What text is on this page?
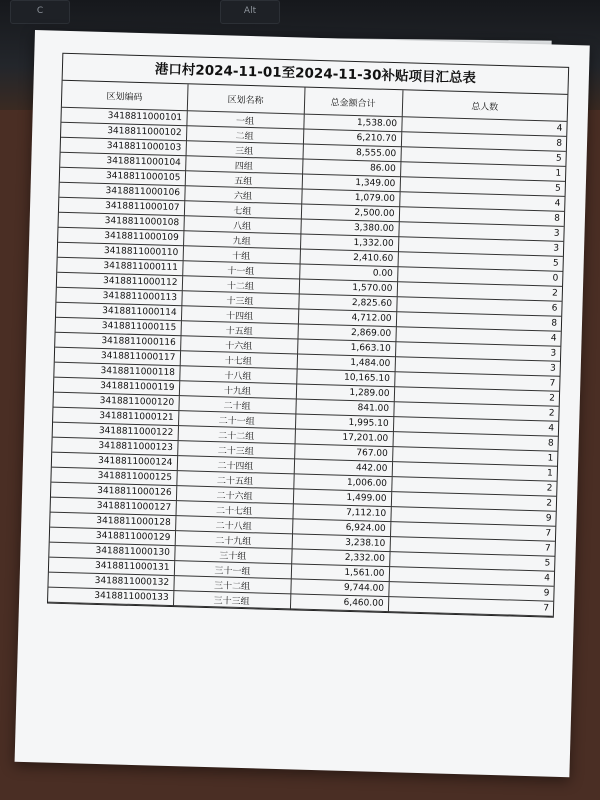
C	Alt
港口村2024-11-01至2024-11-30补贴项目汇总表
区划编码	区划名称	总金额合计	总人数
3418811000101	一组	1,538.00	4
3418811000102	二组	6,210.70	8
3418811000103	三组	8,555.00	5
3418811000104	四组	86.00	1
3418811000105	五组	1,349.00	5
3418811000106	六组	1,079.00	4
3418811000107	七组	2,500.00	8
3418811000108	八组	3,380.00	3
3418811000109	九组	1,332.00	3
3418811000110	十组	2,410.60	5
3418811000111	十一组	0.00	0
3418811000112	十二组	1,570.00	2
3418811000113	十三组	2,825.60	6
3418811000114	十四组	4,712.00	8
3418811000115	十五组	2,869.00	4
3418811000116	十六组	1,663.10	3
3418811000117	十七组	1,484.00	3
3418811000118	十八组	10,165.10	7
3418811000119	十九组	1,289.00	2
3418811000120	二十组	841.00	2
3418811000121	二十一组	1,995.10	4
3418811000122	二十二组	17,201.00	8
3418811000123	二十三组	767.00	1
3418811000124	二十四组	442.00	1
3418811000125	二十五组	1,006.00	2
3418811000126	二十六组	1,499.00	2
3418811000127	二十七组	7,112.10	9
3418811000128	二十八组	6,924.00	7
3418811000129	二十九组	3,238.10	7
3418811000130	三十组	2,332.00	5
3418811000131	三十一组	1,561.00	4
3418811000132	三十二组	9,744.00	9
3418811000133	三十三组	6,460.00	7
